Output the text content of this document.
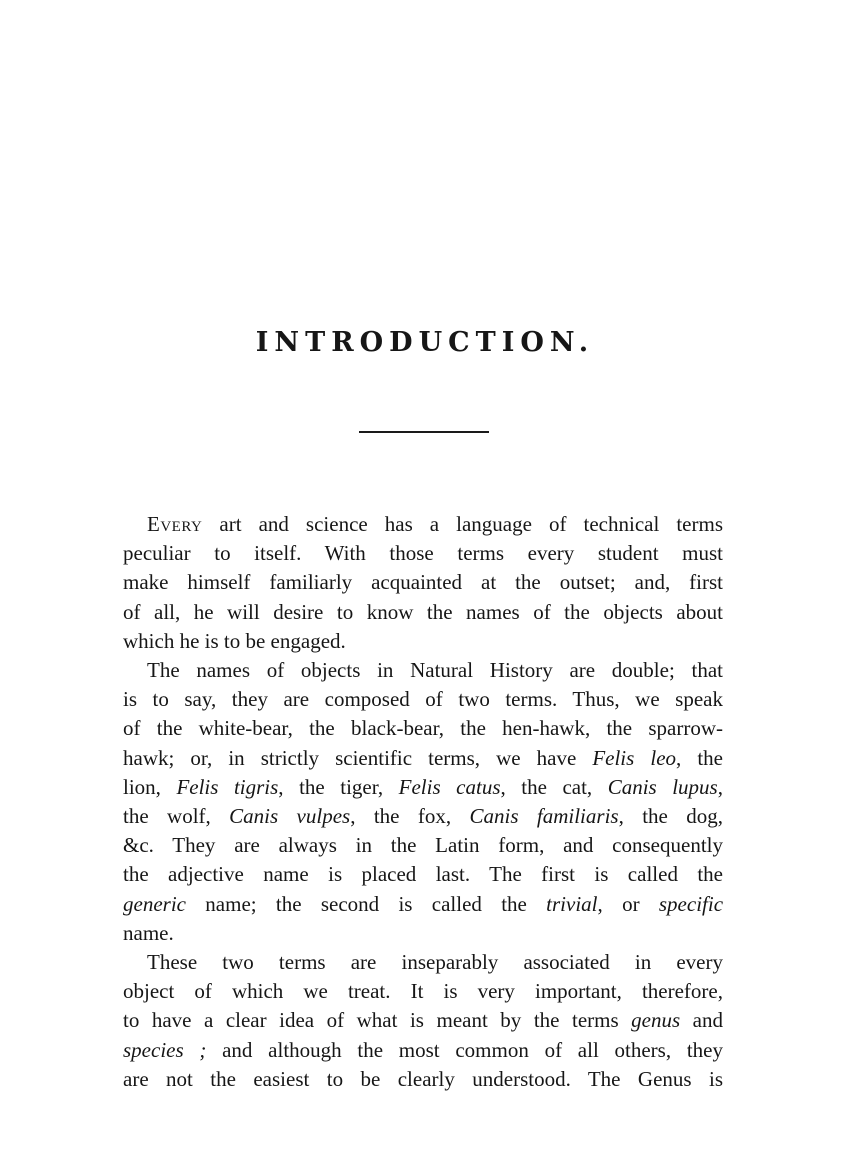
INTRODUCTION.

Every art and science has a language of technical terms
peculiar to itself. With those terms every student must
make himself familiarly acquainted at the outset; and, first
of all, he will desire to know the names of the objects about
which he is to be engaged.

The names of objects in Natural History are double; that
is to say, they are composed of two terms. Thus, we speak
of the white-bear, the black-bear, the hen-hawk, the sparrow-
hawk; or, in strictly scientific terms, we have Felis leo, the
lion, Felis tigris, the tiger, Felis catus, the cat, Canis lupus,
the wolf, Canis vulpes, the fox, Canis familiaris, the dog,
&c. They are always in the Latin form, and consequently
the adjective name is placed last. The first is called the
generic name; the second is called the trivial, or specific
name.

These two terms are inseparably associated in every
object of which we treat. It is very important, therefore,
to have a clear idea of what is meant by the terms genus and
species ; and although the most common of all others, they
are not the easiest to be clearly understood. The Genus is
